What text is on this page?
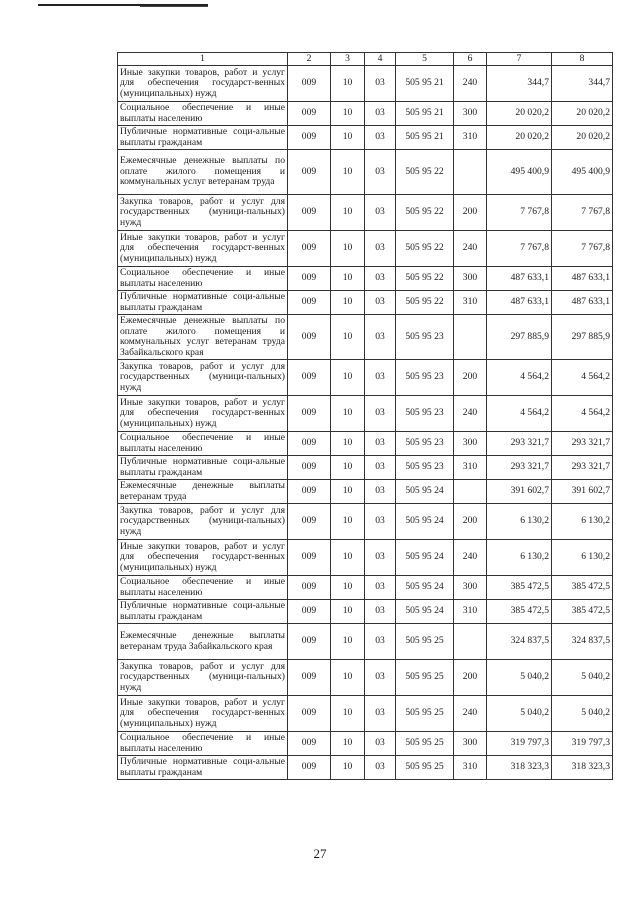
1	2	3	4	5	6	7	8
Иные закупки товаров, работ и услуг для обеспечения государст-венных (муниципальных) нужд	009	10	03	505 95 21	240	344,7	344,7
Социальное обеспечение и иные выплаты населению	009	10	03	505 95 21	300	20 020,2	20 020,2
Публичные нормативные соци-альные выплаты гражданам	009	10	03	505 95 21	310	20 020,2	20 020,2
Ежемесячные денежные выплаты по оплате жилого помещения и коммунальных услуг ветеранам труда	009	10	03	505 95 22		495 400,9	495 400,9
Закупка товаров, работ и услуг для государственных (муници-пальных) нужд	009	10	03	505 95 22	200	7 767,8	7 767,8
Иные закупки товаров, работ и услуг для обеспечения государст-венных (муниципальных) нужд	009	10	03	505 95 22	240	7 767,8	7 767,8
Социальное обеспечение и иные выплаты населению	009	10	03	505 95 22	300	487 633,1	487 633,1
Публичные нормативные соци-альные выплаты гражданам	009	10	03	505 95 22	310	487 633,1	487 633,1
Ежемесячные денежные выплаты по оплате жилого помещения и коммунальных услуг ветеранам труда Забайкальского края	009	10	03	505 95 23		297 885,9	297 885,9
Закупка товаров, работ и услуг для государственных (муници-пальных) нужд	009	10	03	505 95 23	200	4 564,2	4 564,2
Иные закупки товаров, работ и услуг для обеспечения государст-венных (муниципальных) нужд	009	10	03	505 95 23	240	4 564,2	4 564,2
Социальное обеспечение и иные выплаты населению	009	10	03	505 95 23	300	293 321,7	293 321,7
Публичные нормативные соци-альные выплаты гражданам	009	10	03	505 95 23	310	293 321,7	293 321,7
Ежемесячные денежные выплаты ветеранам труда	009	10	03	505 95 24		391 602,7	391 602,7
Закупка товаров, работ и услуг для государственных (муници-пальных) нужд	009	10	03	505 95 24	200	6 130,2	6 130,2
Иные закупки товаров, работ и услуг для обеспечения государст-венных (муниципальных) нужд	009	10	03	505 95 24	240	6 130,2	6 130,2
Социальное обеспечение и иные выплаты населению	009	10	03	505 95 24	300	385 472,5	385 472,5
Публичные нормативные соци-альные выплаты гражданам	009	10	03	505 95 24	310	385 472,5	385 472,5
Ежемесячные денежные выплаты ветеранам труда Забайкальского края	009	10	03	505 95 25		324 837,5	324 837,5
Закупка товаров, работ и услуг для государственных (муници-пальных) нужд	009	10	03	505 95 25	200	5 040,2	5 040,2
Иные закупки товаров, работ и услуг для обеспечения государст-венных (муниципальных) нужд	009	10	03	505 95 25	240	5 040,2	5 040,2
Социальное обеспечение и иные выплаты населению	009	10	03	505 95 25	300	319 797,3	319 797,3
Публичные нормативные соци-альные выплаты гражданам	009	10	03	505 95 25	310	318 323,3	318 323,3
27
